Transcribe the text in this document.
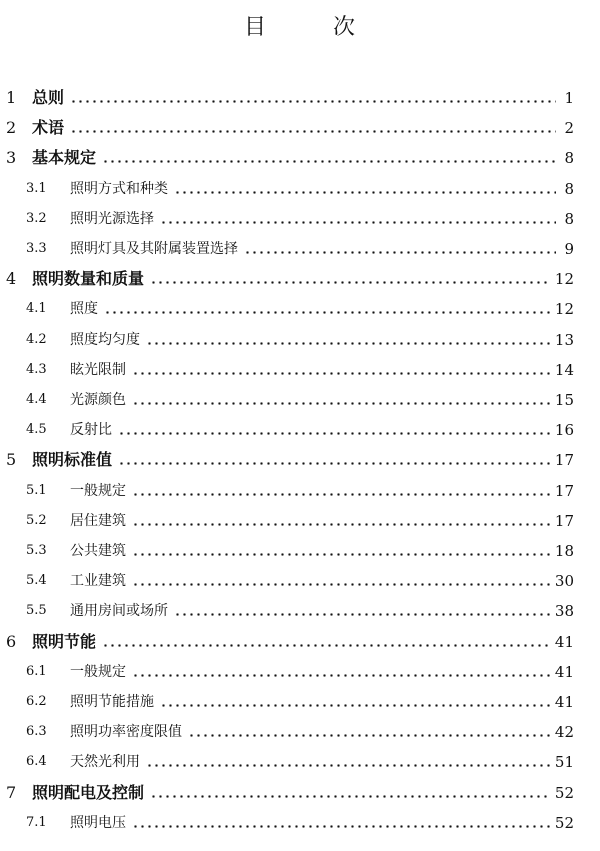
目	次
1 总则	1
2 术语	2
3 基本规定	8
3.1	照明方式和种类	8
3.2	照明光源选择	8
3.3	照明灯具及其附属装置选择	9
4 照明数量和质量	12
4.1	照度	12
4.2	照度均匀度	13
4.3	眩光限制	14
4.4	光源颜色	15
4.5	反射比	16
5 照明标准值	17
5.1	一般规定	17
5.2	居住建筑	17
5.3	公共建筑	18
5.4	工业建筑	30
5.5	通用房间或场所	38
6 照明节能	41
6.1	一般规定	41
6.2	照明节能措施	41
6.3	照明功率密度限值	42
6.4	天然光利用	51
7 照明配电及控制	52
7.1	照明电压	52
